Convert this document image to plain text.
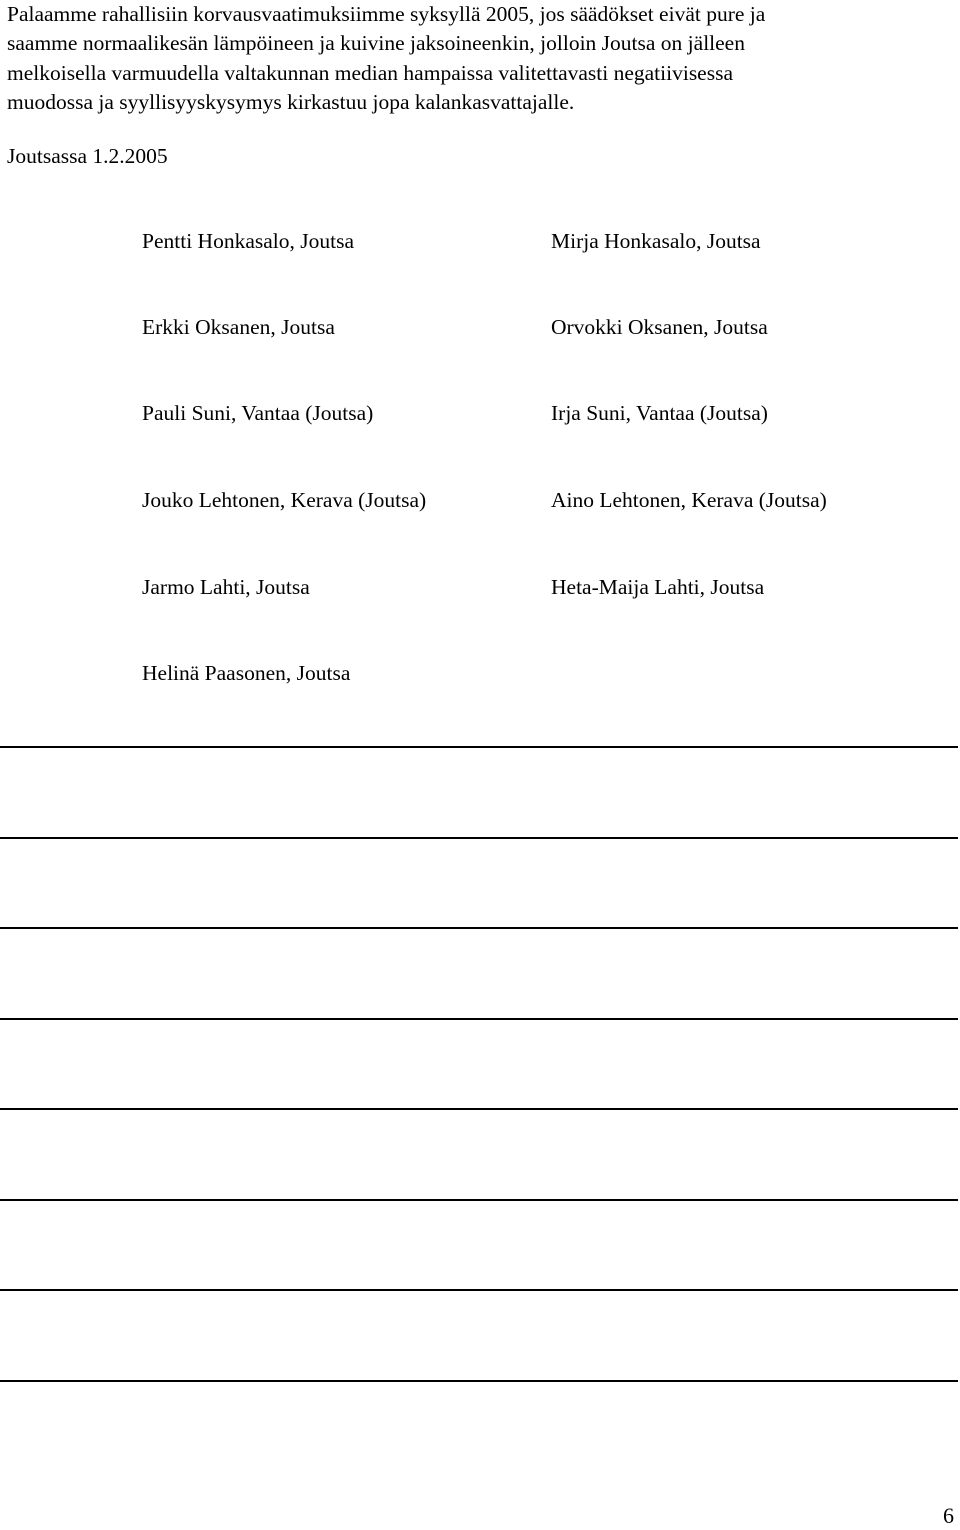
Palaamme rahallisiin korvausvaatimuksiimme syksyllä 2005, jos säädökset eivät pure ja
saamme normaalikesän lämpöineen ja kuivine jaksoineenkin, jolloin Joutsa on jälleen
melkoisella varmuudella valtakunnan median hampaissa valitettavasti negatiivisessa
muodossa ja syyllisyyskysymys kirkastuu jopa kalankasvattajalle.
Joutsassa 1.2.2005
Pentti Honkasalo, Joutsa	Mirja Honkasalo, Joutsa
Erkki Oksanen, Joutsa	Orvokki Oksanen, Joutsa
Pauli Suni, Vantaa (Joutsa)	Irja Suni, Vantaa (Joutsa)
Jouko Lehtonen, Kerava (Joutsa)	Aino Lehtonen, Kerava (Joutsa)
Jarmo Lahti, Joutsa	Heta-Maija Lahti, Joutsa
Helinä Paasonen, Joutsa
6
